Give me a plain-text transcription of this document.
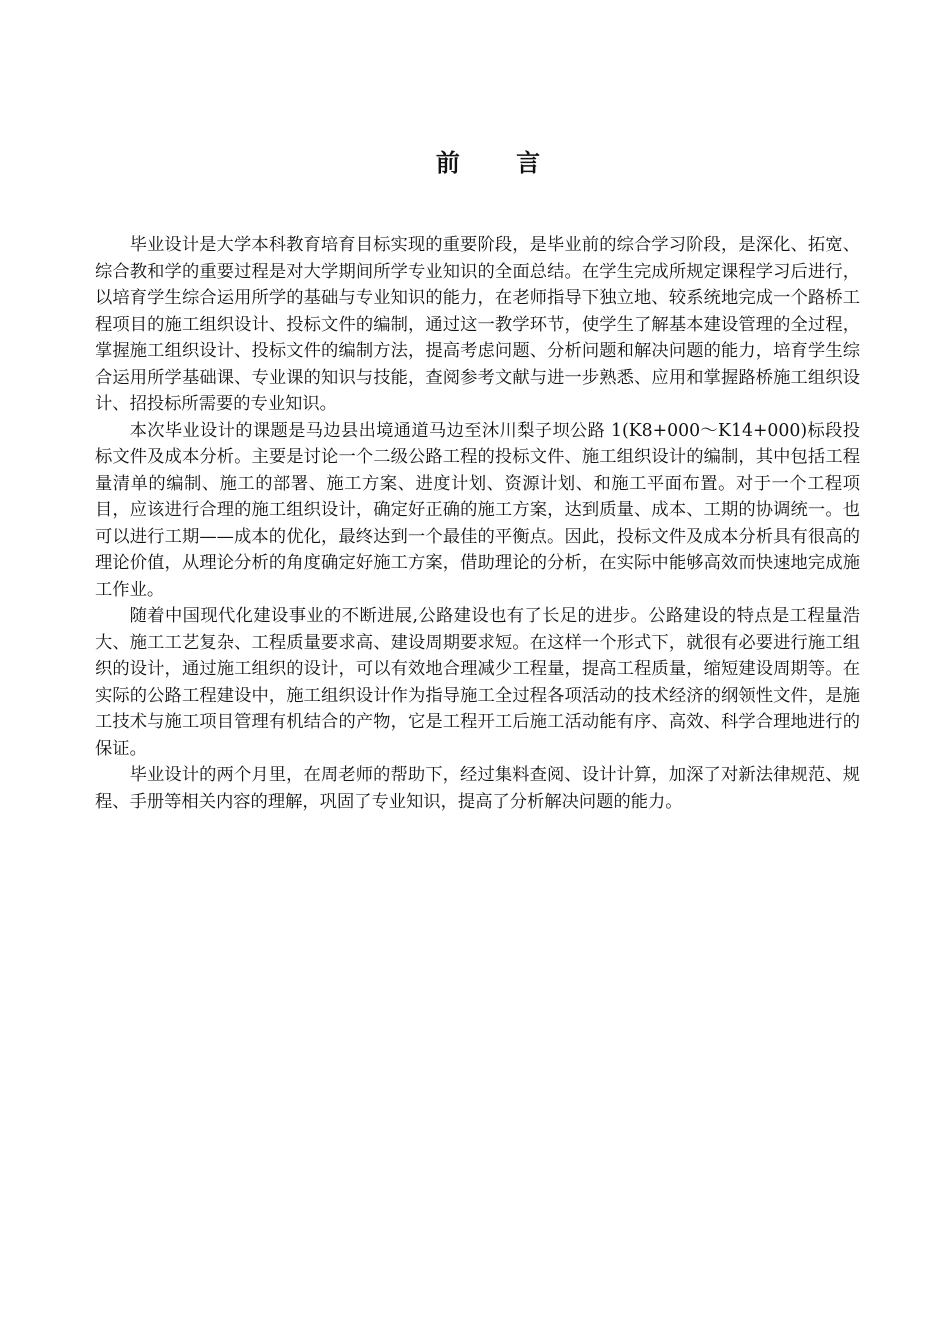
前 言

毕业设计是大学本科教育培育目标实现的重要阶段，是毕业前的综合学习阶段，是深化、拓宽、综合教和学的重要过程是对大学期间所学专业知识的全面总结。在学生完成所规定课程学习后进行，以培育学生综合运用所学的基础与专业知识的能力，在老师指导下独立地、较系统地完成一个路桥工程项目的施工组织设计、投标文件的编制，通过这一教学环节，使学生了解基本建设管理的全过程，掌握施工组织设计、投标文件的编制方法，提高考虑问题、分析问题和解决问题的能力，培育学生综合运用所学基础课、专业课的知识与技能，查阅参考文献与进一步熟悉、应用和掌握路桥施工组织设计、招投标所需要的专业知识。

本次毕业设计的课题是马边县出境通道马边至沐川梨子坝公路 1(K8+000～K14+000)标段投标文件及成本分析。主要是讨论一个二级公路工程的投标文件、施工组织设计的编制，其中包括工程量清单的编制、施工的部署、施工方案、进度计划、资源计划、和施工平面布置。对于一个工程项目，应该进行合理的施工组织设计，确定好正确的施工方案，达到质量、成本、工期的协调统一。也可以进行工期——成本的优化，最终达到一个最佳的平衡点。因此，投标文件及成本分析具有很高的理论价值，从理论分析的角度确定好施工方案，借助理论的分析，在实际中能够高效而快速地完成施工作业。

随着中国现代化建设事业的不断进展,公路建设也有了长足的进步。公路建设的特点是工程量浩大、施工工艺复杂、工程质量要求高、建设周期要求短。在这样一个形式下，就很有必要进行施工组织的设计，通过施工组织的设计，可以有效地合理减少工程量，提高工程质量，缩短建设周期等。在实际的公路工程建设中，施工组织设计作为指导施工全过程各项活动的技术经济的纲领性文件，是施工技术与施工项目管理有机结合的产物，它是工程开工后施工活动能有序、高效、科学合理地进行的保证。

毕业设计的两个月里，在周老师的帮助下，经过集料查阅、设计计算，加深了对新法律规范、规程、手册等相关内容的理解，巩固了专业知识，提高了分析解决问题的能力。
